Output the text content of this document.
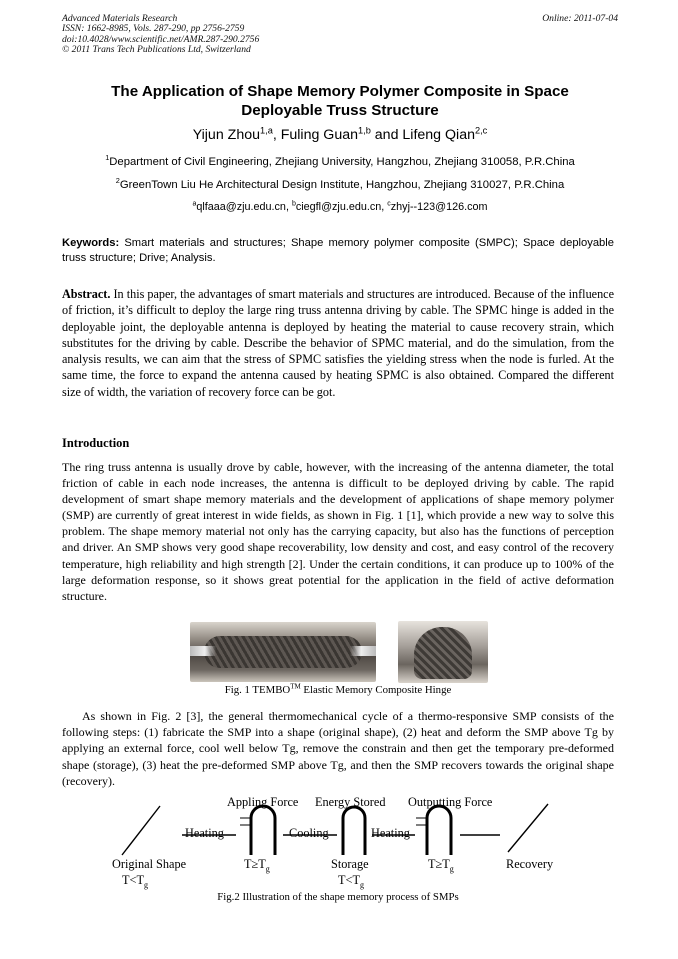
Advanced Materials Research
ISSN: 1662-8985, Vols. 287-290, pp 2756-2759
doi:10.4028/www.scientific.net/AMR.287-290.2756
© 2011 Trans Tech Publications Ltd, Switzerland
Online: 2011-07-04
The Application of Shape Memory Polymer Composite in Space
Deployable Truss Structure
Yijun Zhou$^{1,a}$, Fuling Guan$^{1,b}$ and Lifeng Qian$^{2,c}$
$^1$Department of Civil Engineering, Zhejiang University, Hangzhou, Zhejiang 310058, P.R.China
$^2$GreenTown Liu He Architectural Design Institute, Hangzhou, Zhejiang 310027, P.R.China
$^a$qlfaaa@zju.edu.cn, $^b$ciegfl@zju.edu.cn, $^c$zhyj--123@126.com
Keywords: Smart materials and structures; Shape memory polymer composite (SMPC); Space deployable truss structure; Drive; Analysis.
Abstract. In this paper, the advantages of smart materials and structures are introduced. Because of the influence of friction, it’s difficult to deploy the large ring truss antenna driving by cable. The SPMC hinge is added in the deployable joint, the deployable antenna is deployed by heating the material to cause recovery strain, which substitutes for the driving by cable. Describe the behavior of SPMC material, and do the simulation, from the analysis results, we can aim that the stress of SPMC satisfies the yielding stress when the node is furled. At the same time, the force to expand the antenna caused by heating SPMC is also obtained. Compared the different size of width, the variation of recovery force can be got.
Introduction
The ring truss antenna is usually drove by cable, however, with the increasing of the antenna diameter, the total friction of cable in each node increases, the antenna is difficult to be deployed driving by cable. The rapid development of smart shape memory materials and the development of applications of shape memory polymer (SMP) are currently of great interest in wide fields, as shown in Fig. 1 [1], which provide a new way to solve this problem. The shape memory material not only has the carrying capacity, but also has the functions of perception and driver. An SMP shows very good shape recoverability, low density and cost, and easy control of the recovery temperature, high reliability and high strength [2]. Under the certain conditions, it can produce up to 100% of the large deformation response, so it shows great potential for the application in the field of active deformation structure.
Fig. 1 TEMBO™ Elastic Memory Composite Hinge
As shown in Fig. 2 [3], the general thermomechanical cycle of a thermo-responsive SMP consists of the following steps: (1) fabricate the SMP into a shape (original shape), (2) heat and deform the SMP above Tg by applying an external force, cool well below Tg, remove the constrain and then get the temporary pre-deformed shape (storage), (3) heat the pre-deformed SMP above Tg, and then the SMP recovers towards the original shape (recovery).
Appling Force Energy Stored Outputting Force
Heating	Cooling	Heating
Original Shape
$T<T_g$
$T\ge T_g$	Storage
$T<T_g$
$T\ge T_g$	Recovery
Fig.2 Illustration of the shape memory process of SMPs
